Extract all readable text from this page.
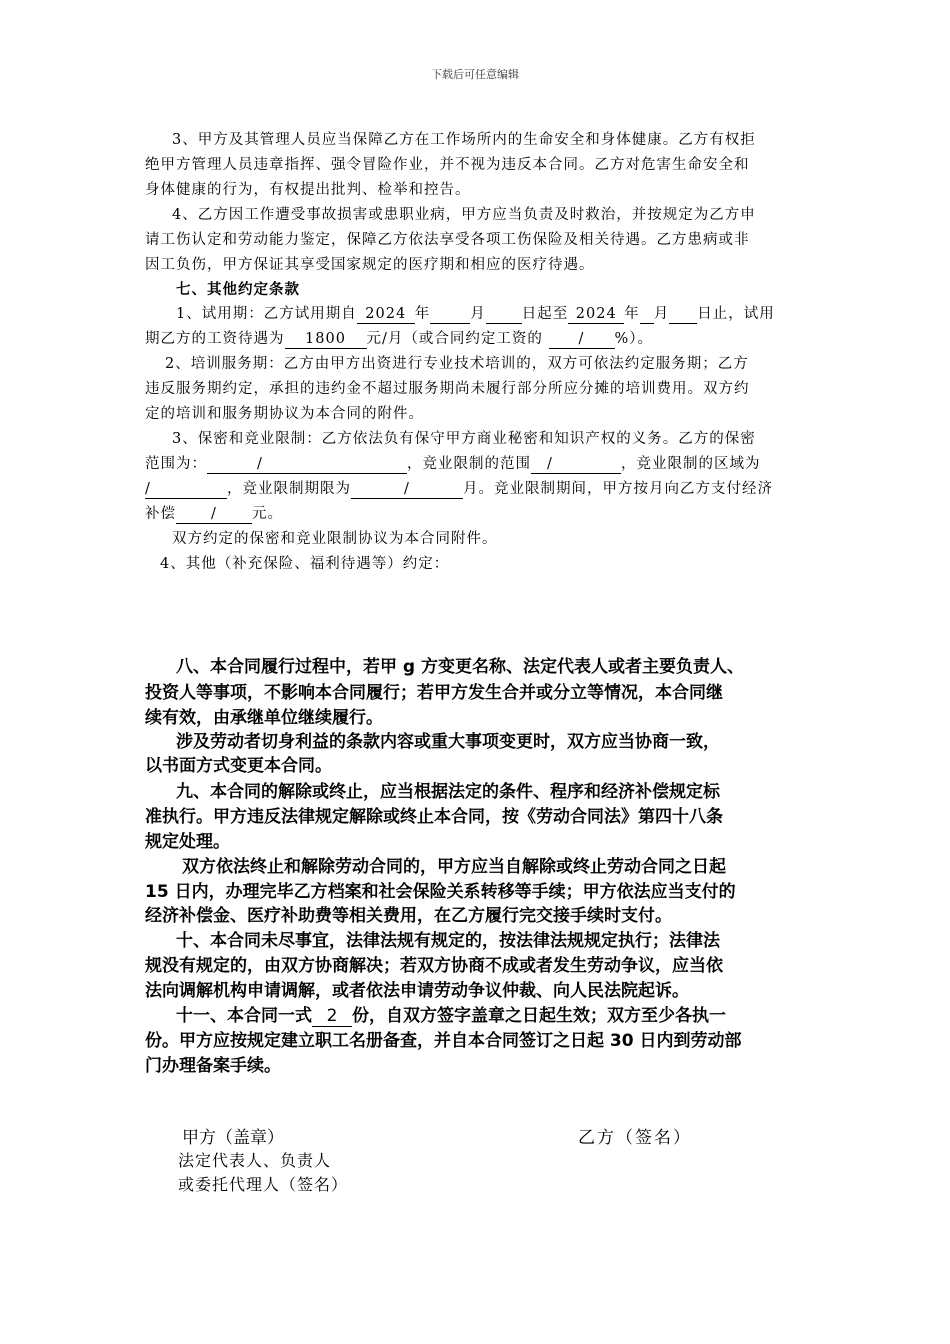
下载后可任意编辑
3、甲方及其管理人员应当保障乙方在工作场所内的生命安全和身体健康。乙方有权拒
绝甲方管理人员违章指挥、强令冒险作业，并不视为违反本合同。乙方对危害生命安全和
身体健康的行为，有权提出批判、检举和控告。
4、乙方因工作遭受事故损害或患职业病，甲方应当负责及时救治，并按规定为乙方申
请工伤认定和劳动能力鉴定，保障乙方依法享受各项工伤保险及相关待遇。乙方患病或非
因工负伤，甲方保证其享受国家规定的医疗期和相应的医疗待遇。
七、其他约定条款
1、试用期：乙方试用期自 2024 年	月 日起至 2024 年 月 日止，试用
期乙方的工资待遇为 1800 元/月（或合同约定工资的 / %）。
2、培训服务期：乙方由甲方出资进行专业技术培训的，双方可依法约定服务期；乙方
违反服务期约定，承担的违约金不超过服务期尚未履行部分所应分摊的培训费用。双方约
定的培训和服务期协议为本合同的附件。
3、保密和竞业限制：乙方依法负有保守甲方商业秘密和知识产权的义务。乙方的保密
范围为：	/	，竞业限制的范围 /	，竞业限制的区域为
/	，竞业限制期限为	/	月。竞业限制期间，甲方按月向乙方支付经济
补偿 / 元。
双方约定的保密和竞业限制协议为本合同附件。
4、其他（补充保险、福利待遇等）约定：
八、本合同履行过程中，若甲 g 方变更名称、法定代表人或者主要负责人、
投资人等事项，不影响本合同履行；若甲方发生合并或分立等情况，本合同继
续有效，由承继单位继续履行。
涉及劳动者切身利益的条款内容或重大事项变更时，双方应当协商一致，
以书面方式变更本合同。
九、本合同的解除或终止，应当根据法定的条件、程序和经济补偿规定标
准执行。甲方违反法律规定解除或终止本合同，按《劳动合同法》第四十八条
规定处理。
双方依法终止和解除劳动合同的，甲方应当自解除或终止劳动合同之日起
15 日内，办理完毕乙方档案和社会保险关系转移等手续；甲方依法应当支付的
经济补偿金、医疗补助费等相关费用，在乙方履行完交接手续时支付。
十、本合同未尽事宜，法律法规有规定的，按法律法规规定执行；法律法
规没有规定的，由双方协商解决；若双方协商不成或者发生劳动争议，应当依
法向调解机构申请调解，或者依法申请劳动争议仲裁、向人民法院起诉。
十一、本合同一式 2 份，自双方签字盖章之日起生效；双方至少各执一
份。甲方应按规定建立职工名册备查，并自本合同签订之日起 30 日内到劳动部
门办理备案手续。
甲方（盖章）	乙方（签名）
法定代表人、负责人
或委托代理人（签名）
